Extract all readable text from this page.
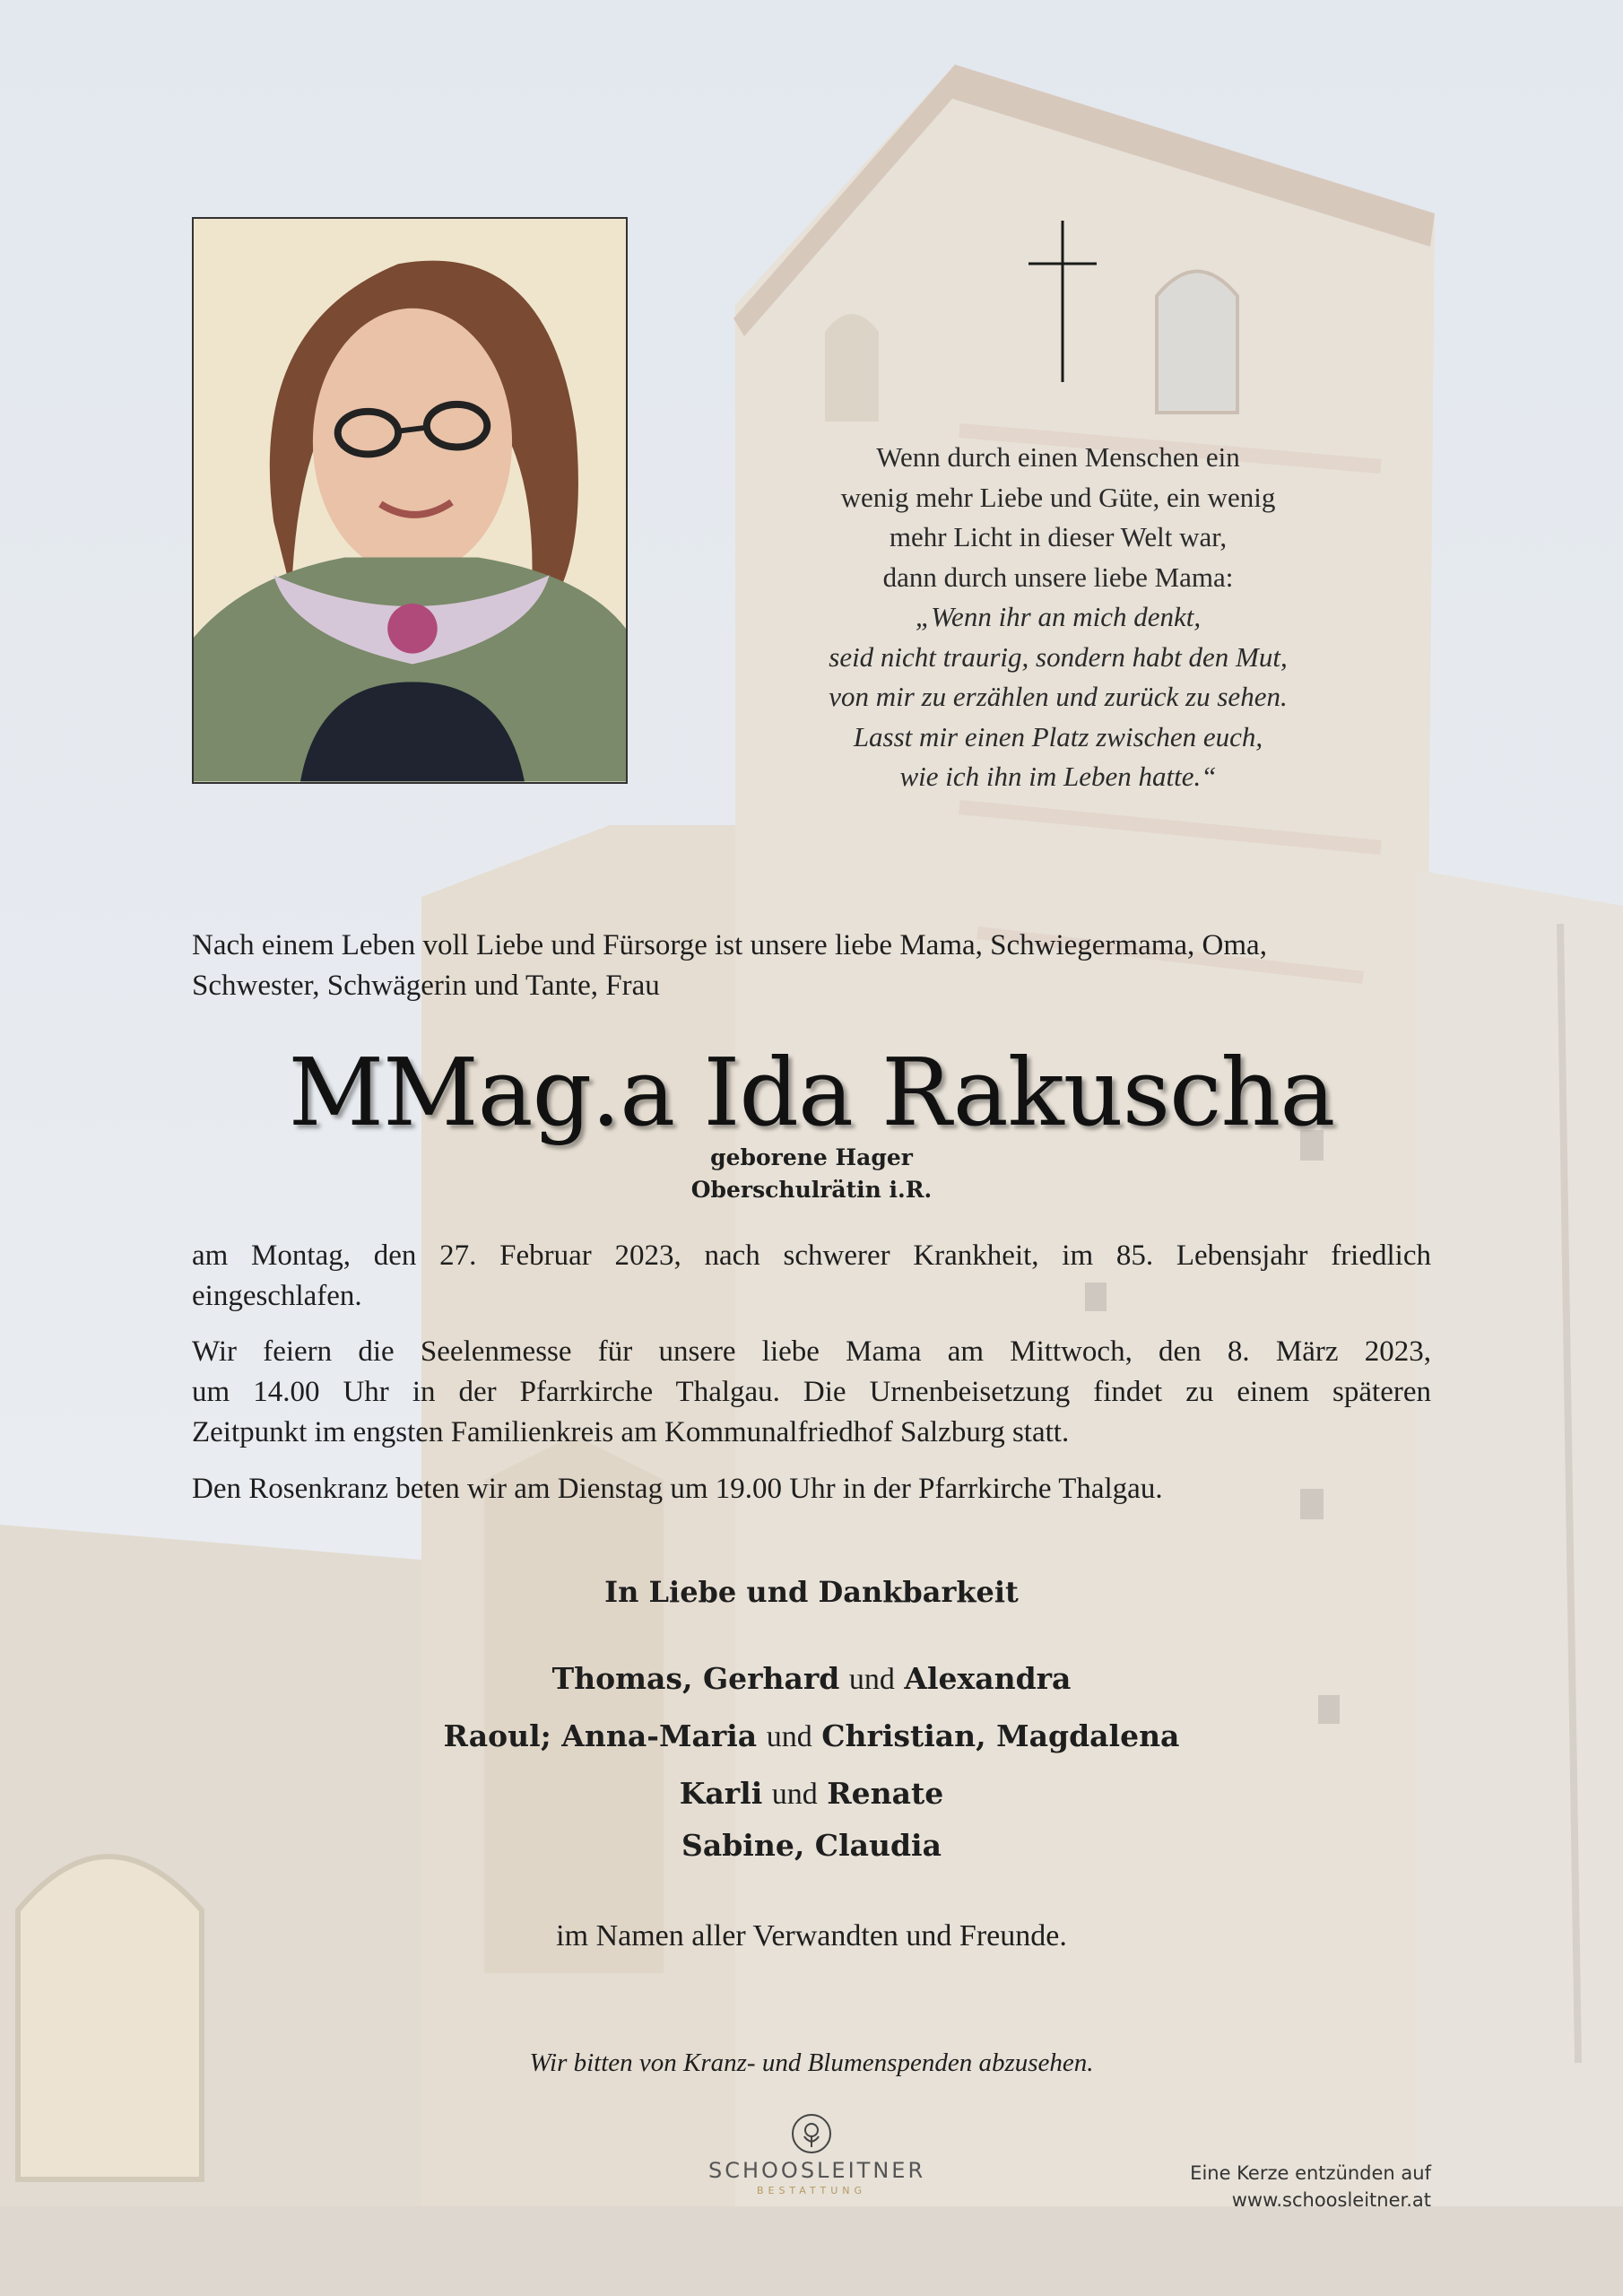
Wenn durch einen Menschen ein
wenig mehr Liebe und Güte, ein wenig
mehr Licht in dieser Welt war,
dann durch unsere liebe Mama:
„Wenn ihr an mich denkt,
seid nicht traurig, sondern habt den Mut,
von mir zu erzählen und zurück zu sehen.
Lasst mir einen Platz zwischen euch,
wie ich ihn im Leben hatte.“
Nach einem Leben voll Liebe und Fürsorge ist unsere liebe Mama, Schwiegermama, Oma,
Schwester, Schwägerin und Tante, Frau
MMag.a Ida Rakuscha
geborene Hager
Oberschulrätin i.R.
am Montag, den 27. Februar 2023, nach schwerer Krankheit, im 85. Lebensjahr friedlich
eingeschlafen.
Wir feiern die Seelenmesse für unsere liebe Mama am Mittwoch, den 8. März 2023,
um 14.00 Uhr in der Pfarrkirche Thalgau. Die Urnenbeisetzung findet zu einem späteren
Zeitpunkt im engsten Familienkreis am Kommunalfriedhof Salzburg statt.
Den Rosenkranz beten wir am Dienstag um 19.00 Uhr in der Pfarrkirche Thalgau.
In Liebe und Dankbarkeit
Thomas, Gerhard und Alexandra
Raoul; Anna-Maria und Christian, Magdalena
Karli und Renate
Sabine, Claudia
im Namen aller Verwandten und Freunde.
Wir bitten von Kranz- und Blumenspenden abzusehen.
SCHOOSLEITNER
BESTATTUNG
Eine Kerze entzünden auf
www.schoosleitner.at
